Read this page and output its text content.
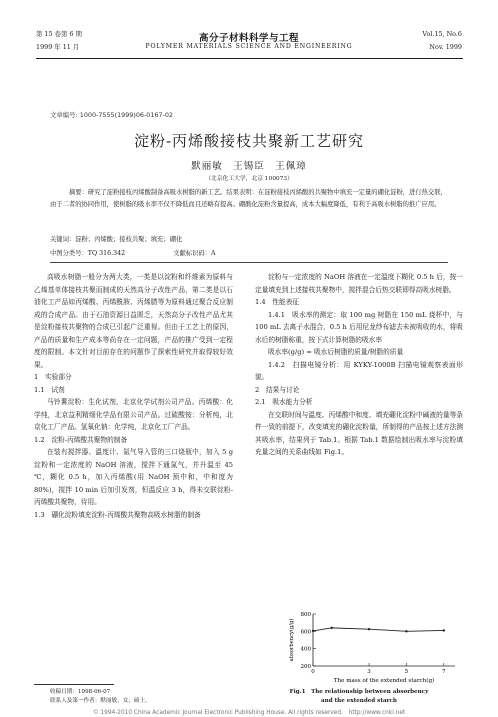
第 15 卷第 6 期
1999 年 11 月
高分子材料科学与工程
POLYMER MATERIALS SCIENCE AND ENGINEERING
Vol.15, No.6
Nov. 1999
文章编号: 1000-7555(1999)06-0167-02
淀粉-丙烯酸接枝共聚新工艺研究
默丽敏　王锡臣　王佩璋
（北京化工大学，北京 100073）
摘要：研究了淀粉接枝丙烯酸制备高吸水树脂的新工艺。结果表明：在淀粉接枝丙烯酸的共聚物中填充一定量的硼化淀粉，进行热交联，由于二者的协同作用，使树脂的吸水率不仅不降低而且还略有提高。硼酸化淀粉含量提高，成本大幅度降低，有利于高吸水树脂的推广应用。
关键词：淀粉；丙烯酸；接枝共聚；填充；硼化
中图分类号：TQ 316.342	文献标识码：A
高吸水树脂一般分为两大类，一类是以淀粉和纤维素为原料与乙烯基单体接枝共聚而制成的天然高分子改性产品，第二类是以石油化工产品如丙烯酸、丙烯酰胺、丙烯腈等为原料通过聚合反应制成的合成产品。由于石油资源日益匮乏，天然高分子改性产品尤其是淀粉接枝共聚物的合成已引起广泛重视。但由于工艺上的原因，产品的质量和生产成本等尚存在一定问题，产品的推广受到一定程度的限制。本文针对目前存在的问题作了探索性研究并取得较好效果。
1　实验部分
1.1　试剂
马铃薯淀粉：生化试剂，北京化学试剂公司产品。丙烯酸：化学纯，北京益利精细化学品有限公司产品。过硫酸铵：分析纯，北京化工厂产品。氢氧化钠：化学纯，北京化工厂产品。
1.2　淀粉-丙烯酸共聚物的制备
在装有搅拌器、温度计、氮气导入管的三口烧瓶中，加入 5 g 淀粉和一定浓度的 NaOH 溶液，搅拌下通氮气，并升温至 45 ℃，糊化 0.5 h，加入丙烯酸(用 NaOH 预中和，中和度为 80%)，搅拌 10 min 后加引发剂，恒温反应 3 h，得未交联淀粉-丙烯酸共聚物，待用。
1.3　硼化淀粉填充淀粉-丙烯酸共聚物高吸水树脂的制备
淀粉与一定浓度的 NaOH 溶液在一定温度下糊化 0.5 h 后，按一定量填充到上述接枝共聚物中，搅拌混合后热交联即得高吸水树脂。
1.4　性能表征
1.4.1　吸水率的测定：取 100 mg 树脂在 150 mL 烧杯中，与 100 mL 去离子水混合，0.5 h 后用尼龙纱布滤去未被吸收的水，将吸水后的树脂称重，按下式计算树脂的吸水率
吸水率(g/g) = 吸水后树脂的质量/树脂的质量
1.4.2　扫描电镜分析：用 KYKY-1000B 扫描电镜观察表面形貌。
2　结果与讨论
2.1　吸水能力分析
在交联时间与温度、丙烯酸中和度、填充硼化淀粉中碱液的量等条件一致的前提下，改变填充的硼化淀粉量，所制得的产品按上述方法测其吸水率，结果列于 Tab.1。根据 Tab.1 数据绘制出吸水率与淀粉填充量之间的关系曲线如 Fig.1。
200
400
600
800
0	3	5	7
The mass of the extended starch(g)
absorbency(g/g)
Fig.1　The relationship between absorbency
and the extended starch
收稿日期：1998-06-07
联系人及第一作者：默丽敏，女，硕士。
© 1994-2010 China Academic Journal Electronic Publishing House. All rights reserved.　http://www.cnki.net
